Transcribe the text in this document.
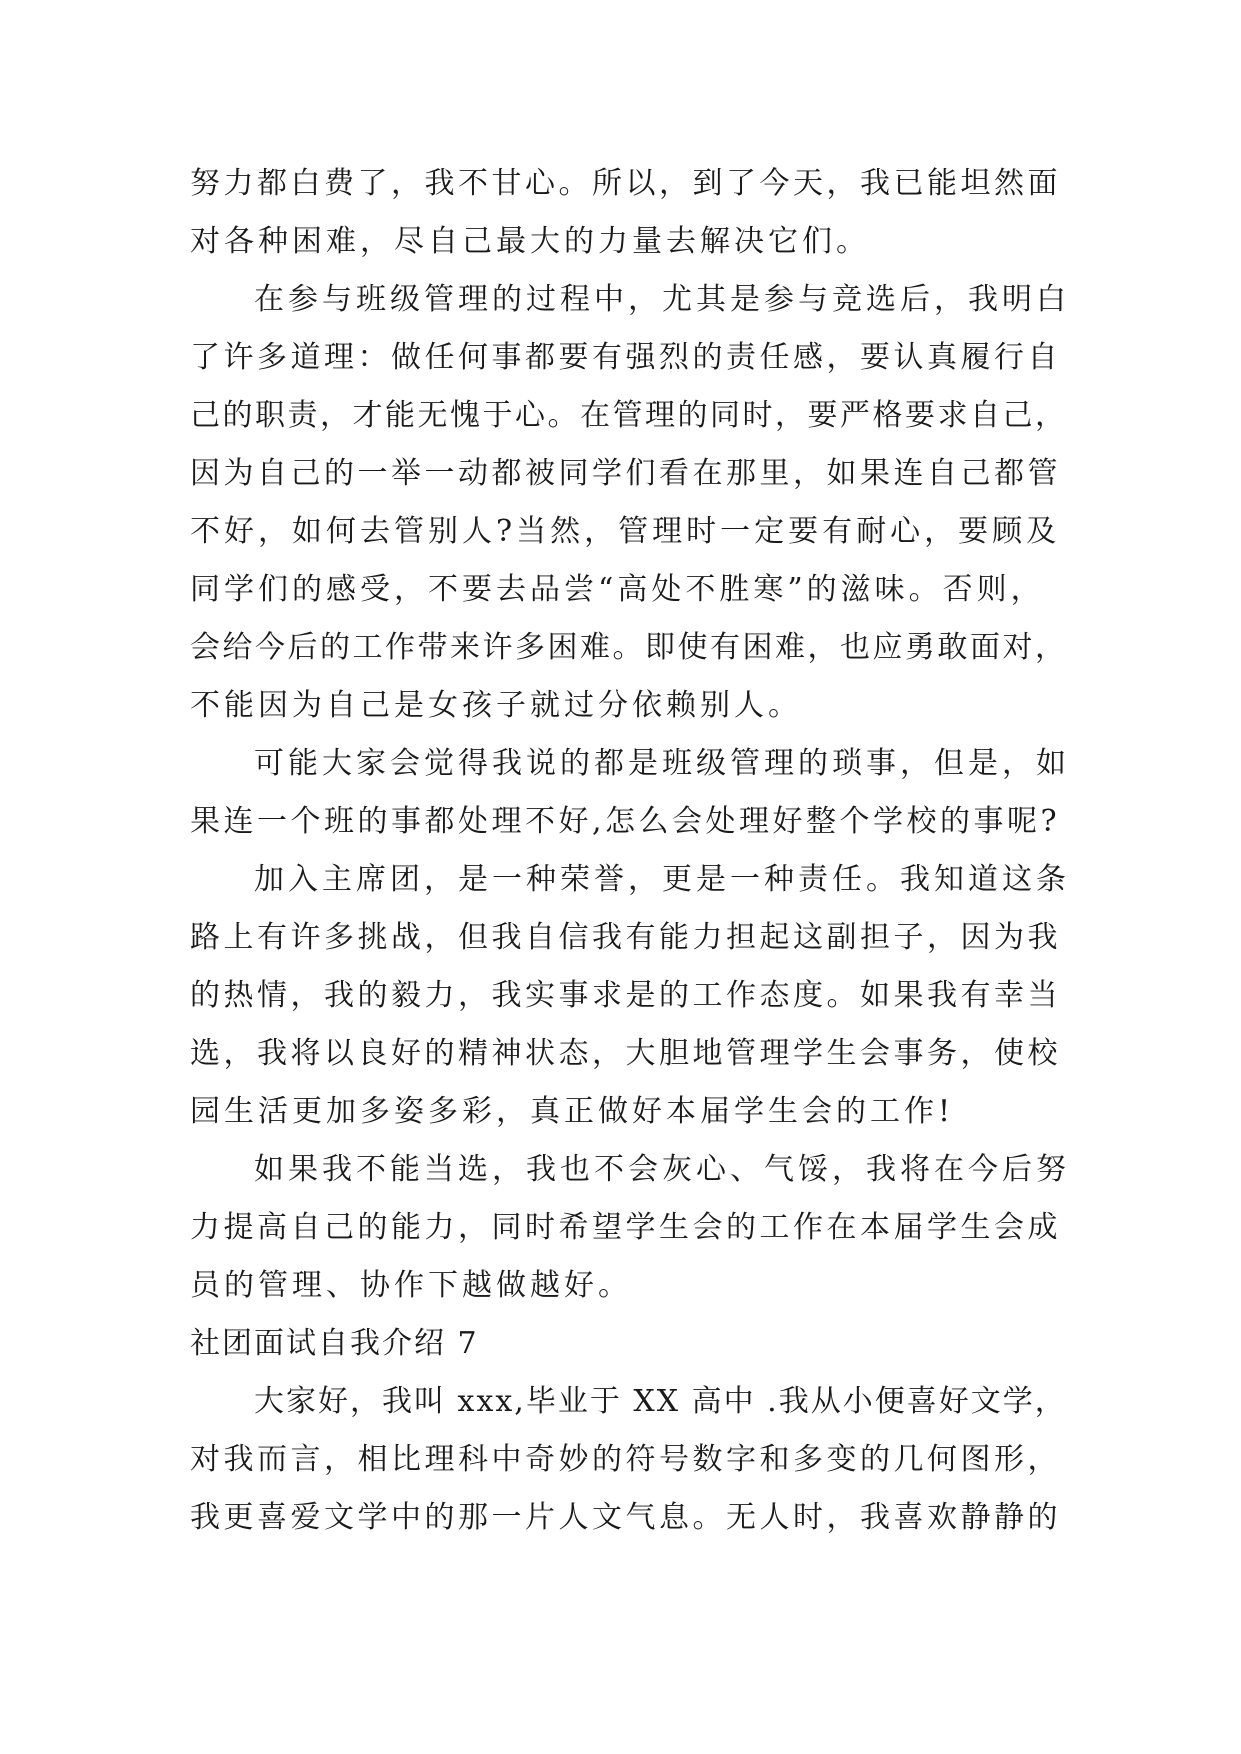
努力都白费了，我不甘心。所以，到了今天，我已能坦然面
对各种困难，尽自己最大的力量去解决它们。
在参与班级管理的过程中，尤其是参与竞选后，我明白
了许多道理：做任何事都要有强烈的责任感，要认真履行自
己的职责，才能无愧于心。在管理的同时，要严格要求自己，
因为自己的一举一动都被同学们看在那里，如果连自己都管
不好，如何去管别人?当然，管理时一定要有耐心，要顾及
同学们的感受，不要去品尝“高处不胜寒”的滋味。否则，
会给今后的工作带来许多困难。即使有困难，也应勇敢面对，
不能因为自己是女孩子就过分依赖别人。
可能大家会觉得我说的都是班级管理的琐事，但是，如
果连一个班的事都处理不好,怎么会处理好整个学校的事呢?
加入主席团，是一种荣誉，更是一种责任。我知道这条
路上有许多挑战，但我自信我有能力担起这副担子，因为我
的热情，我的毅力，我实事求是的工作态度。如果我有幸当
选，我将以良好的精神状态，大胆地管理学生会事务，使校
园生活更加多姿多彩，真正做好本届学生会的工作!
如果我不能当选，我也不会灰心、气馁，我将在今后努
力提高自己的能力，同时希望学生会的工作在本届学生会成
员的管理、协作下越做越好。
社团面试自我介绍 7
大家好，我叫 xxx,毕业于 XX 高中 .我从小便喜好文学，
对我而言，相比理科中奇妙的符号数字和多变的几何图形，
我更喜爱文学中的那一片人文气息。无人时，我喜欢静静的
